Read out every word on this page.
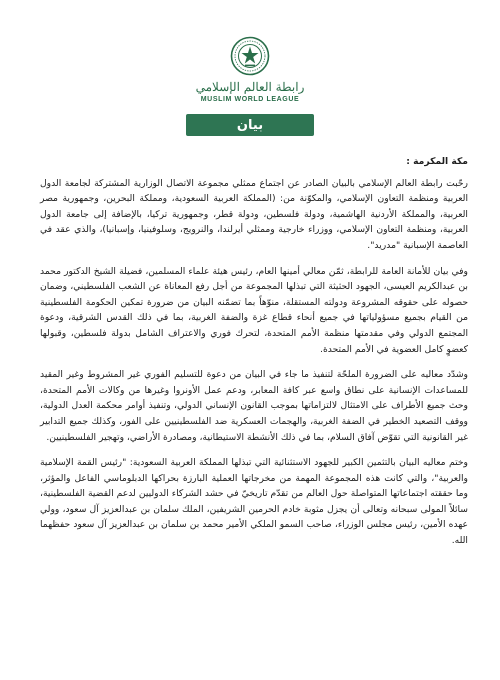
رابطة العالم الإسلامي
MUSLIM WORLD LEAGUE
بيان

مكة المكرمة :

رحّبت رابطة العالم الإسلامي بالبيان الصادر عن اجتماع ممثلي مجموعة الاتصال الوزارية المشتركة لجامعة الدول العربية ومنظمة التعاون الإسلامي، والمكوّنة من: (المملكة العربية السعودية، ومملكة البحرين، وجمهورية مصر العربية، والمملكة الأردنية الهاشمية، ودولة فلسطين، ودولة قطر، وجمهورية تركيا، بالإضافة إلى جامعة الدول العربية، ومنظمة التعاون الإسلامي، ووزراء خارجية وممثلي أيرلندا، والنرويج، وسلوفينيا، وإسبانيا)، والذي عقد في العاصمة الإسبانية "مدريد".

وفي بيان للأمانة العامة للرابطة، ثمّن معالي أمينها العام، رئيس هيئة علماء المسلمين، فضيلة الشيخ الدكتور محمد بن عبدالكريم العيسى، الجهود الحثيثة التي تبذلها المجموعة من أجل رفع المعاناة عن الشعب الفلسطيني، وضمان حصوله على حقوقه المشروعة ودولته المستقلة، منوّهاً بما تضمّنه البيان من ضرورة تمكين الحكومة الفلسطينية من القيام بجميع مسؤولياتها في جميع أنحاء قطاع غزة والضفة الغربية، بما في ذلك القدس الشرقية، ودعوة المجتمع الدولي وفي مقدمتها منظمة الأمم المتحدة، لتحرك فوري والاعتراف الشامل بدولة فلسطين، وقبولها كعضوٍ كامل العضوية في الأمم المتحدة.

وشدّد معاليه على الضرورة الملحّة لتنفيذ ما جاء في البيان من دعوة للتسليم الفوري غير المشروط وغير المقيد للمساعدات الإنسانية على نطاق واسع عبر كافة المعابر، ودعم عمل الأونروا وغيرها من وكالات الأمم المتحدة، وحث جميع الأطراف على الامتثال لالتزاماتها بموجب القانون الإنساني الدولي، وتنفيذ أوامر محكمة العدل الدولية، ووقف التصعيد الخطير في الضفة الغربية، والهجمات العسكرية ضد الفلسطينيين على الفور، وكذلك جميع التدابير غير القانونية التي تقوّض آفاق السلام، بما في ذلك الأنشطة الاستيطانية، ومصادرة الأراضي، وتهجير الفلسطينيين.

وختم معاليه البيان بالتثمين الكبير للجهود الاستثنائية التي تبذلها المملكة العربية السعودية: "رئيس القمة الإسلامية والعربية"، والتي كانت هذه المجموعة المهمة من مخرجاتها العملية البارزة بحراكها الدبلوماسي الفاعل والمؤثر، وما حققته اجتماعاتها المتواصلة حول العالم من تقدّم تاريخيّ في حشد الشركاء الدوليين لدعم القضية الفلسطينية، سائلاً المولى سبحانه وتعالى أن يجزل مثوبة خادم الحرمين الشريفين، الملك سلمان بن عبدالعزيز آل سعود، وولي عهده الأمين، رئيس مجلس الوزراء، صاحب السمو الملكي الأمير محمد بن سلمان بن عبدالعزيز آل سعود حفظهما الله.
